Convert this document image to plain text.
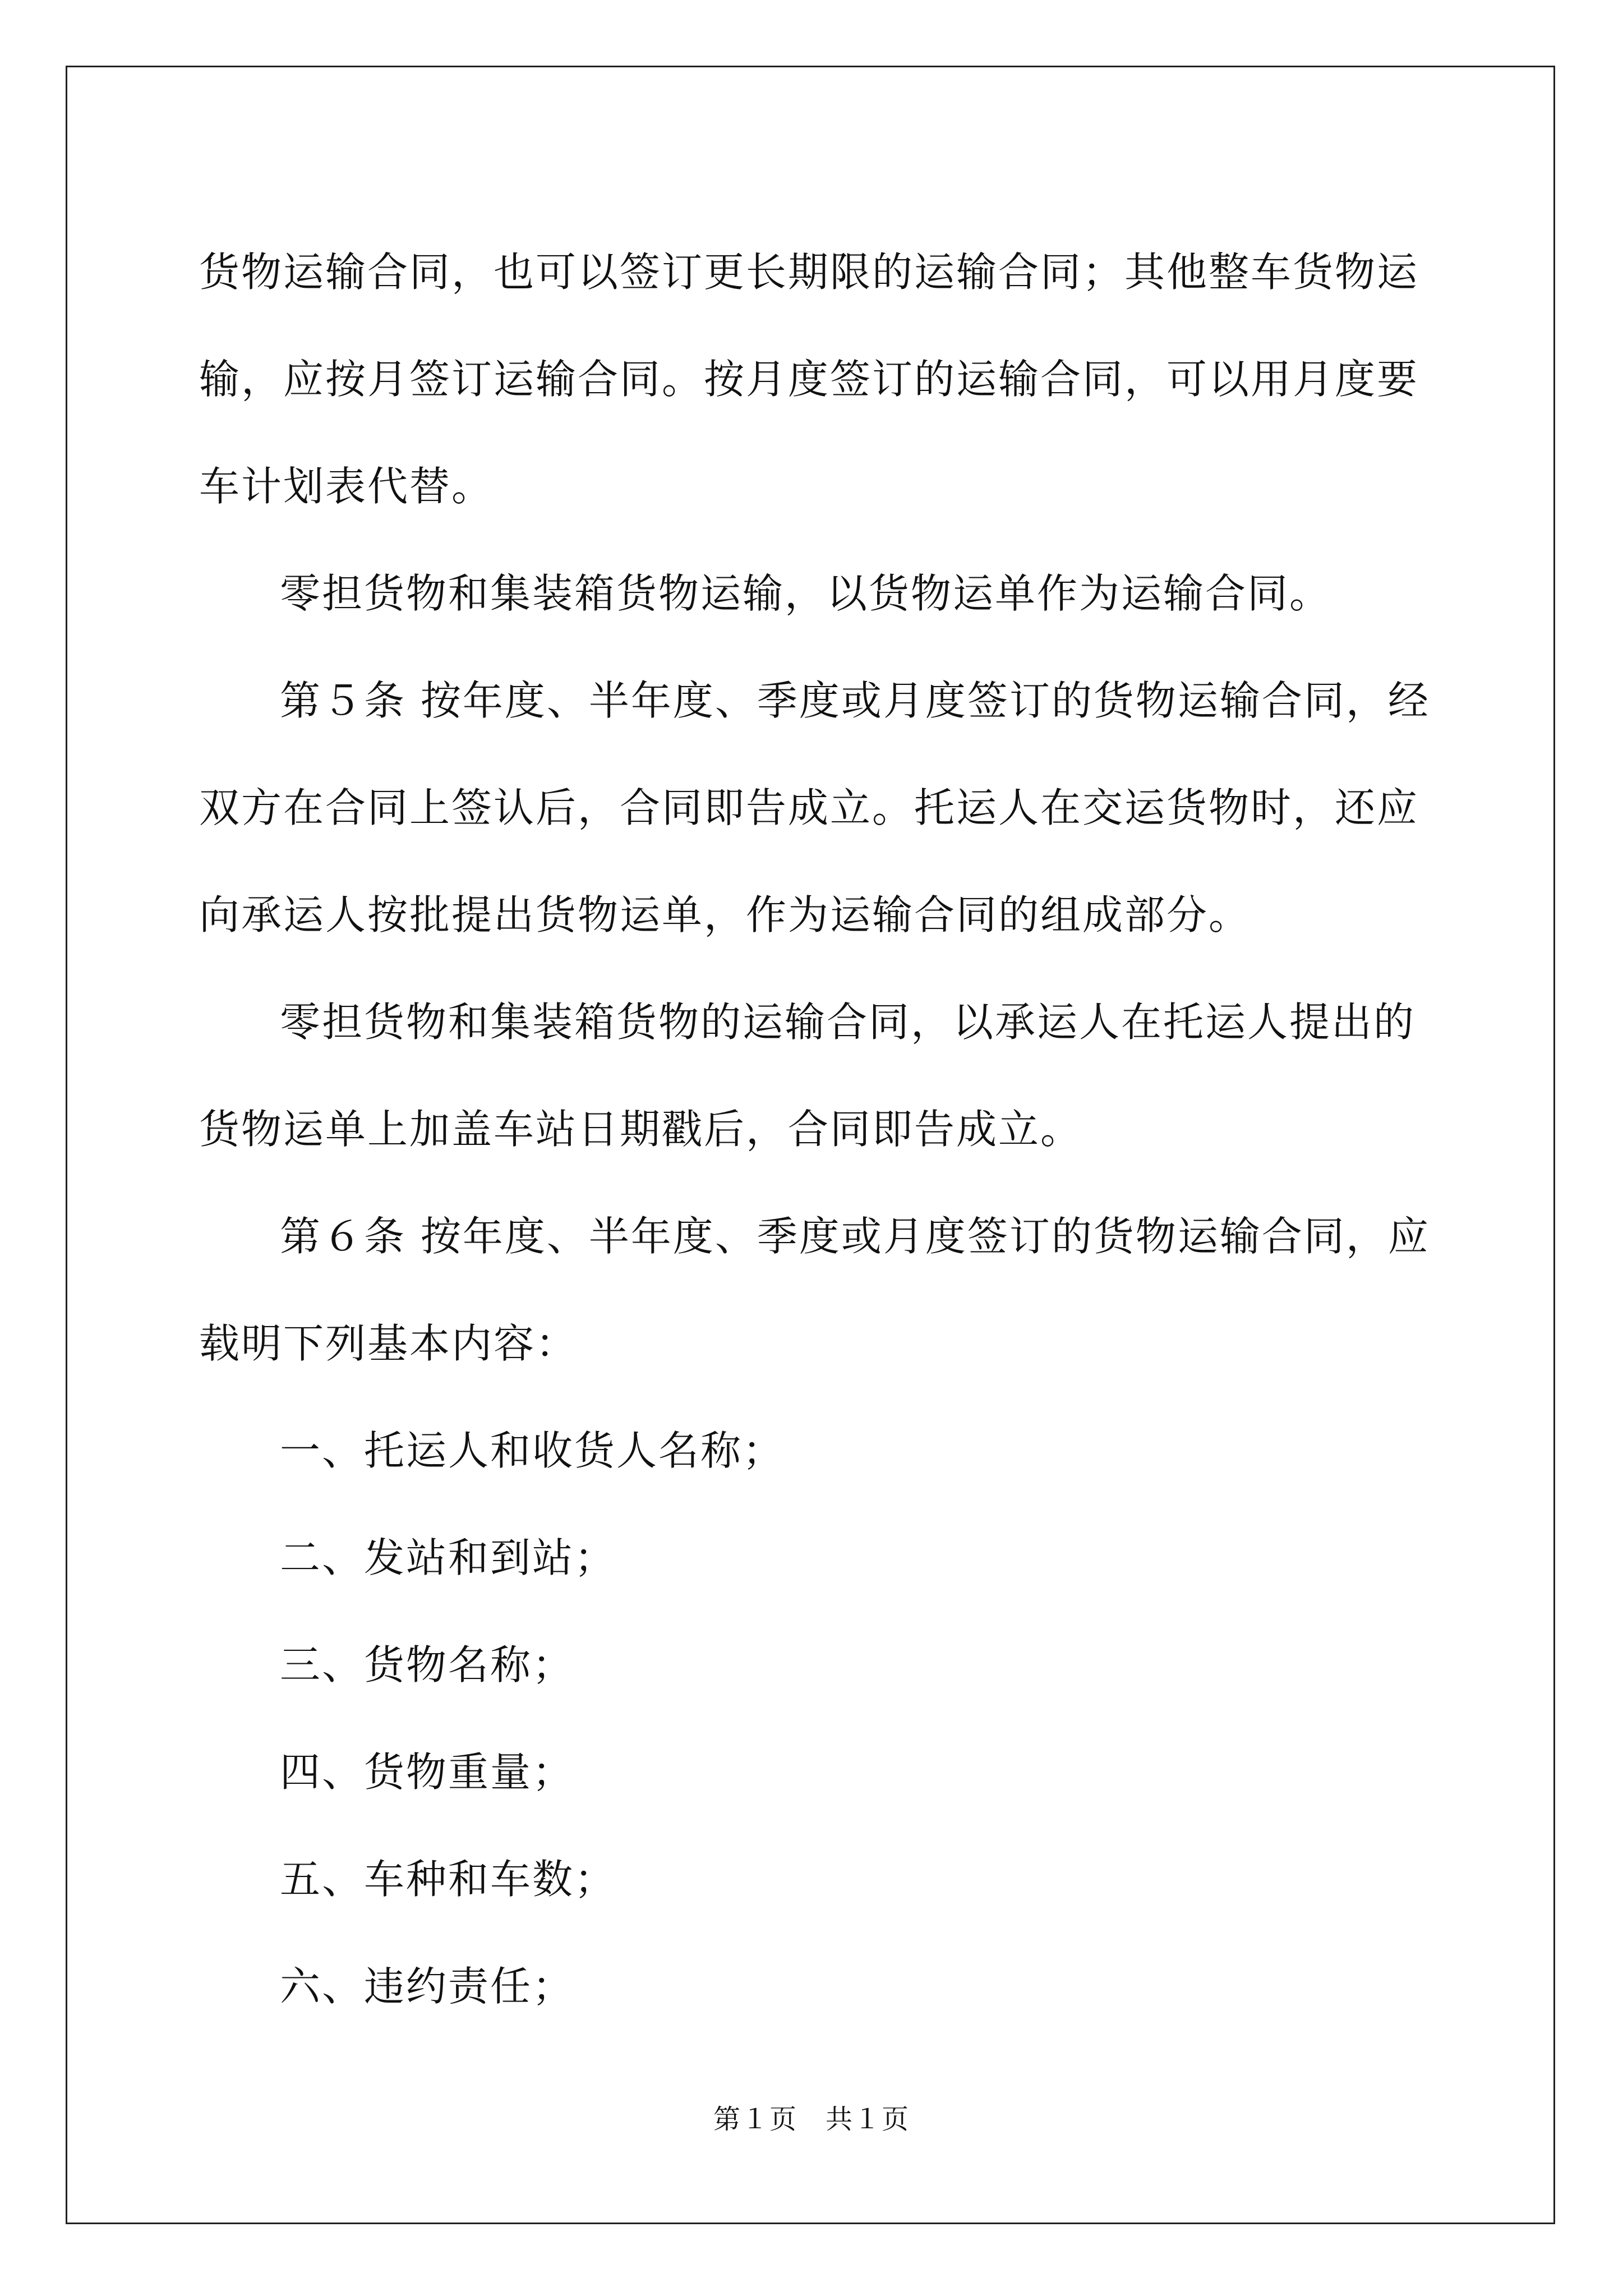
货物运输合同，也可以签订更长期限的运输合同；其他整车货物运输，应按月签订运输合同。按月度签订的运输合同，可以用月度要车计划表代替。

零担货物和集装箱货物运输，以货物运单作为运输合同。

第５条 按年度、半年度、季度或月度签订的货物运输合同，经双方在合同上签认后，合同即告成立。托运人在交运货物时，还应向承运人按批提出货物运单，作为运输合同的组成部分。

零担货物和集装箱货物的运输合同，以承运人在托运人提出的货物运单上加盖车站日期戳后，合同即告成立。

第６条 按年度、半年度、季度或月度签订的货物运输合同，应载明下列基本内容：

一、托运人和收货人名称；

二、发站和到站；

三、货物名称；

四、货物重量；

五、车种和车数；

六、违约责任；

第１页　共１页
